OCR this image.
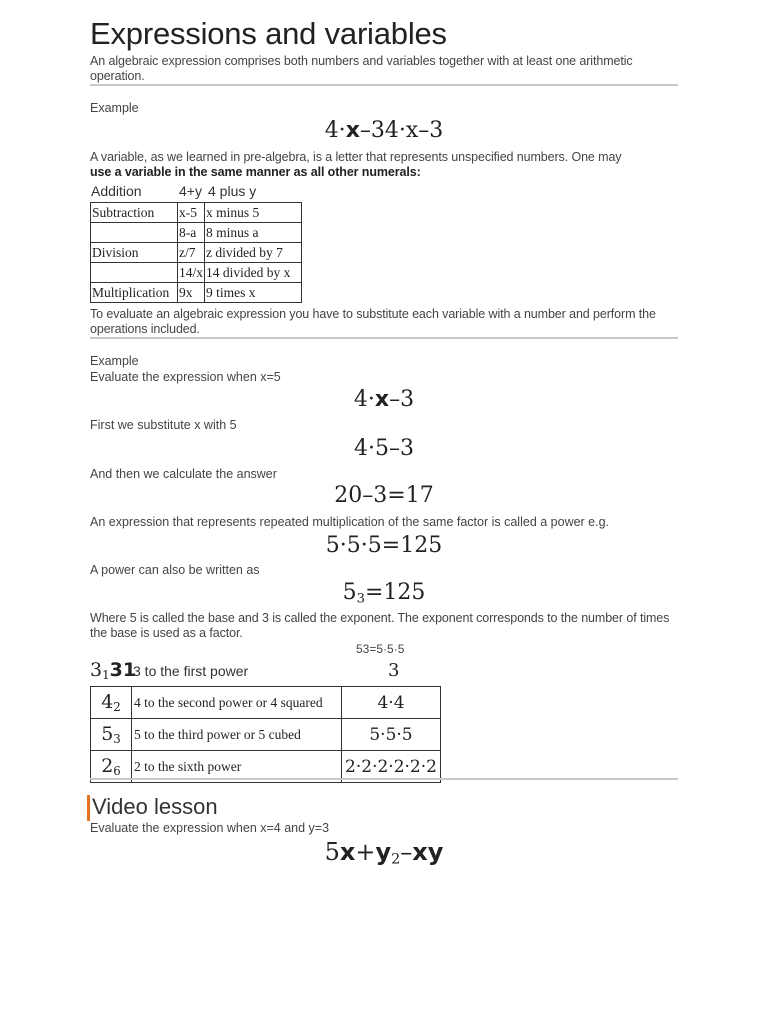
Expressions and variables
An algebraic expression comprises both numbers and variables together with at least one arithmetic operation.
Example
4·x–34·x–3
A variable, as we learned in pre-algebra, is a letter that represents unspecified numbers. One may
use a variable in the same manner as all other numerals:
Addition	4+y 4 plus y
Subtraction	x-5	x minus 5
	8-a	8 minus a
Division	z/7	z divided by 7
	14/x	14 divided by x
Multiplication	9x	9 times x
To evaluate an algebraic expression you have to substitute each variable with a number and perform the operations included.
Example
Evaluate the expression when x=5
4·x–3
First we substitute x with 5
4·5–3
And then we calculate the answer
20–3=17
An expression that represents repeated multiplication of the same factor is called a power e.g.
5·5·5=125
A power can also be written as
$5_3=125$
Where 5 is called the base and 3 is called the exponent. The exponent corresponds to the number of times the base is used as a factor.
53=5·5·5
$3_131$
3 to the first power	3
$4_2$	4 to the second power or 4 squared	4·4
$5_3$	5 to the third power or 5 cubed	5·5·5
$2_6$	2 to the sixth power	2·2·2·2·2·2
Video lesson
Evaluate the expression when x=4 and y=3
$5x+y_2-xy$
